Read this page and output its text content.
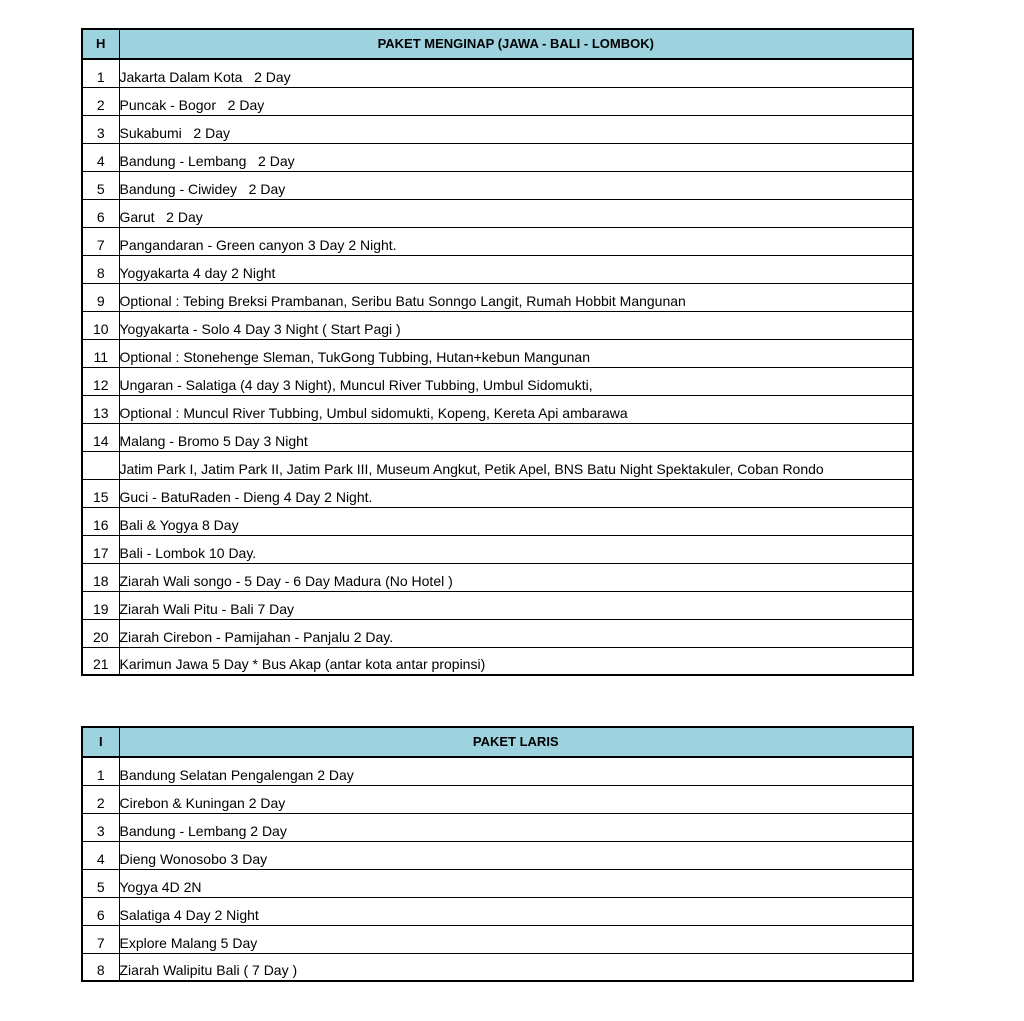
H	PAKET MENGINAP (JAWA - BALI - LOMBOK)
1	Jakarta Dalam Kota   2 Day
2	Puncak - Bogor   2 Day
3	Sukabumi   2 Day
4	Bandung - Lembang   2 Day
5	Bandung - Ciwidey   2 Day
6	Garut   2 Day
7	Pangandaran - Green canyon 3 Day 2 Night.
8	Yogyakarta 4 day 2 Night
9	Optional : Tebing Breksi Prambanan, Seribu Batu Sonngo Langit, Rumah Hobbit Mangunan
10	Yogyakarta - Solo 4 Day 3 Night ( Start Pagi )
11	Optional : Stonehenge Sleman, TukGong Tubbing, Hutan+kebun Mangunan
12	Ungaran - Salatiga (4 day 3 Night), Muncul River Tubbing, Umbul Sidomukti,
13	Optional : Muncul River Tubbing, Umbul sidomukti, Kopeng, Kereta Api ambarawa
14	Malang - Bromo 5 Day 3 Night
	Jatim Park I, Jatim Park II, Jatim Park III, Museum Angkut, Petik Apel, BNS Batu Night Spektakuler, Coban Rondo
15	Guci - BatuRaden - Dieng 4 Day 2 Night.
16	Bali & Yogya 8 Day
17	Bali - Lombok 10 Day.
18	Ziarah Wali songo - 5 Day - 6 Day Madura (No Hotel )
19	Ziarah Wali Pitu - Bali 7 Day
20	Ziarah Cirebon - Pamijahan - Panjalu 2 Day.
21	Karimun Jawa 5 Day * Bus Akap (antar kota antar propinsi)
I	PAKET LARIS
1	Bandung Selatan Pengalengan 2 Day
2	Cirebon & Kuningan 2 Day
3	Bandung - Lembang 2 Day
4	Dieng Wonosobo 3 Day
5	Yogya 4D 2N
6	Salatiga 4 Day 2 Night
7	Explore Malang 5 Day
8	Ziarah Walipitu Bali ( 7 Day )
